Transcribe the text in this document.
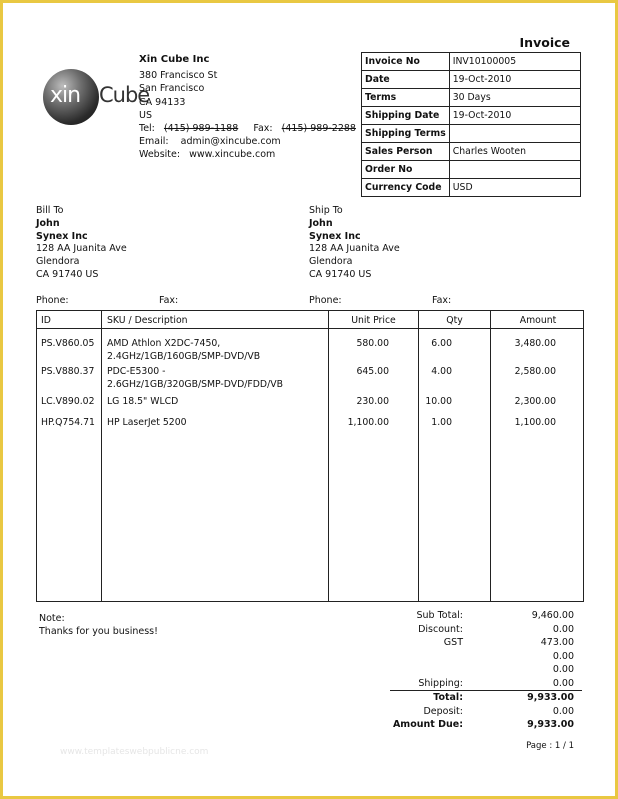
xin Cube
Xin Cube Inc
380 Francisco St
San Francisco
CA 94133
US
Tel: (415) 989-1188 Fax: (415) 989-2288
Email: admin@xincube.com
Website: www.xincube.com
Invoice
Invoice No	INV10100005
Date	19-Oct-2010
Terms	30 Days
Shipping Date	19-Oct-2010
Shipping Terms	
Sales Person	Charles Wooten
Order No	
Currency Code	USD
Bill To
John
Synex Inc
128 AA Juanita Ave
Glendora
CA 91740 US
Phone:	Fax:
Ship To
John
Synex Inc
128 AA Juanita Ave
Glendora
CA 91740 US
Phone:	Fax:
ID	SKU / Description	Unit Price	Qty	Amount
PS.V860.05 AMD Athlon X2DC-7450,
2.4GHz/1GB/160GB/SMP-DVD/VB
580.00	6.00	3,480.00
PS.V880.37 PDC-E5300 -
2.6GHz/1GB/320GB/SMP-DVD/FDD/VB
645.00	4.00	2,580.00
LC.V890.02 LG 18.5" WLCD	230.00	10.00	2,300.00
HP.Q754.71 HP LaserJet 5200	1,100.00	1.00	1,100.00
Note:
Thanks for you business!
Sub Total:	9,460.00
Discount:	0.00
GST	473.00
0.00
0.00
Shipping:	0.00
Total:	9,933.00
Deposit:	0.00
Amount Due:	9,933.00
Page : 1 / 1
www.templateswebpublicne.com
